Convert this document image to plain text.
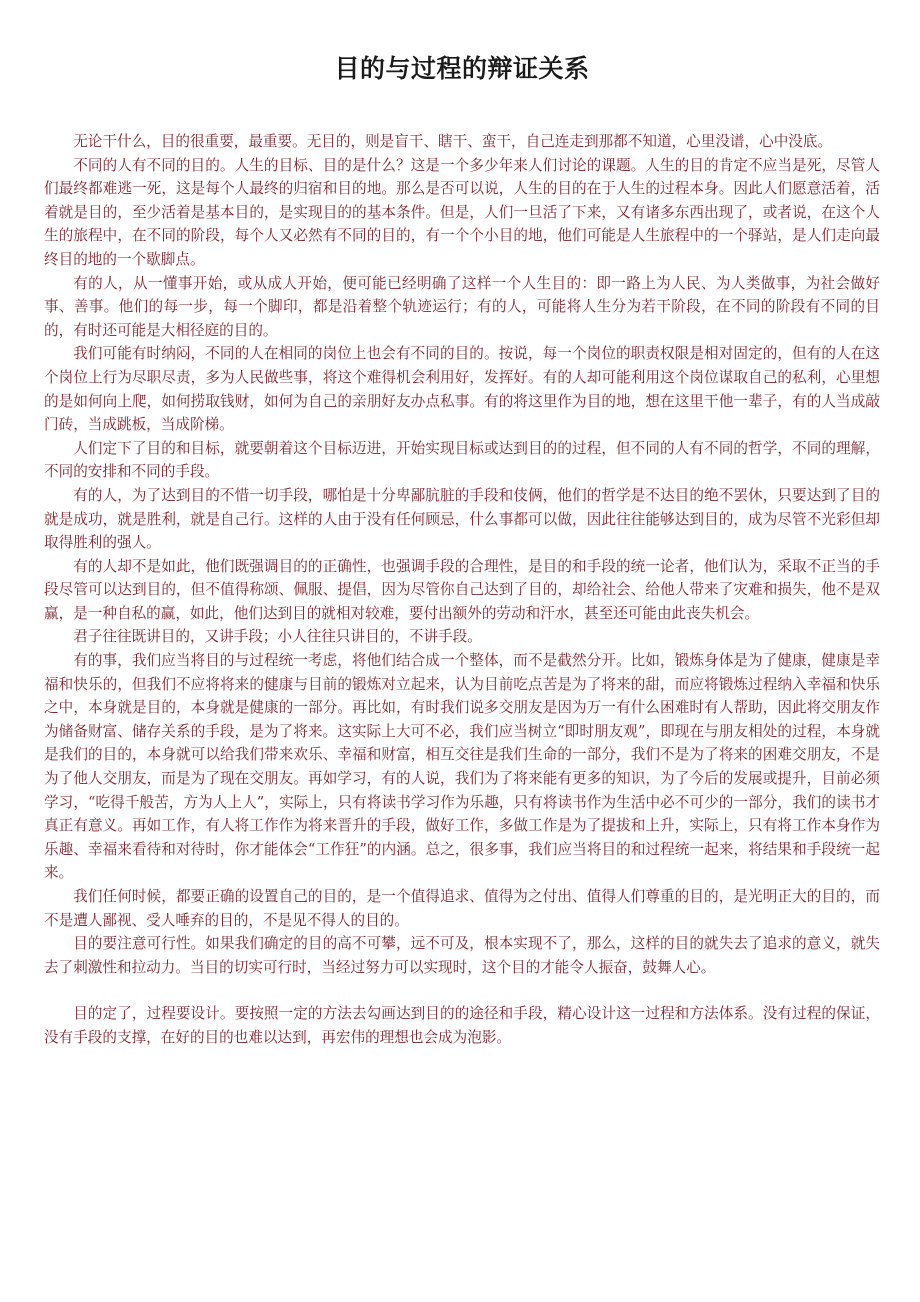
目的与过程的辩证关系

无论干什么，目的很重要，最重要。无目的，则是盲干、瞎干、蛮干，自己连走到那都不知道，心里没谱，心中没底。

不同的人有不同的目的。人生的目标、目的是什么？这是一个多少年来人们讨论的课题。人生的目的肯定不应当是死，尽管人们最终都难逃一死，这是每个人最终的归宿和目的地。那么是否可以说，人生的目的在于人生的过程本身。因此人们愿意活着，活着就是目的，至少活着是基本目的，是实现目的的基本条件。但是，人们一旦活了下来，又有诸多东西出现了，或者说，在这个人生的旅程中，在不同的阶段，每个人又必然有不同的目的，有一个个小目的地，他们可能是人生旅程中的一个驿站，是人们走向最终目的地的一个歇脚点。

有的人，从一懂事开始，或从成人开始，便可能已经明确了这样一个人生目的：即一路上为人民、为人类做事，为社会做好事、善事。他们的每一步，每一个脚印，都是沿着整个轨迹运行；有的人，可能将人生分为若干阶段，在不同的阶段有不同的目的，有时还可能是大相径庭的目的。

我们可能有时纳闷，不同的人在相同的岗位上也会有不同的目的。按说，每一个岗位的职责权限是相对固定的，但有的人在这个岗位上行为尽职尽责，多为人民做些事，将这个难得机会利用好，发挥好。有的人却可能利用这个岗位谋取自己的私利，心里想的是如何向上爬，如何捞取钱财，如何为自己的亲朋好友办点私事。有的将这里作为目的地，想在这里干他一辈子，有的人当成敲门砖，当成跳板，当成阶梯。

人们定下了目的和目标，就要朝着这个目标迈进，开始实现目标或达到目的的过程，但不同的人有不同的哲学，不同的理解，不同的安排和不同的手段。

有的人，为了达到目的不惜一切手段，哪怕是十分卑鄙肮脏的手段和伎俩，他们的哲学是不达目的绝不罢休，只要达到了目的就是成功，就是胜利，就是自己行。这样的人由于没有任何顾忌，什么事都可以做，因此往往能够达到目的，成为尽管不光彩但却取得胜利的强人。

有的人却不是如此，他们既强调目的的正确性，也强调手段的合理性，是目的和手段的统一论者，他们认为，采取不正当的手段尽管可以达到目的，但不值得称颂、佩服、提倡，因为尽管你自己达到了目的，却给社会、给他人带来了灾难和损失，他不是双赢，是一种自私的赢，如此，他们达到目的就相对较难，要付出额外的劳动和汗水，甚至还可能由此丧失机会。

君子往往既讲目的，又讲手段；小人往往只讲目的，不讲手段。

有的事，我们应当将目的与过程统一考虑，将他们结合成一个整体，而不是截然分开。比如，锻炼身体是为了健康，健康是幸福和快乐的，但我们不应将将来的健康与目前的锻炼对立起来，认为目前吃点苦是为了将来的甜，而应将锻炼过程纳入幸福和快乐之中，本身就是目的，本身就是健康的一部分。再比如，有时我们说多交朋友是因为万一有什么困难时有人帮助，因此将交朋友作为储备财富、储存关系的手段，是为了将来。这实际上大可不必，我们应当树立“即时朋友观”，即现在与朋友相处的过程，本身就是我们的目的，本身就可以给我们带来欢乐、幸福和财富，相互交往是我们生命的一部分，我们不是为了将来的困难交朋友，不是为了他人交朋友，而是为了现在交朋友。再如学习，有的人说，我们为了将来能有更多的知识，为了今后的发展或提升，目前必须学习，“吃得千般苦，方为人上人”，实际上，只有将读书学习作为乐趣，只有将读书作为生活中必不可少的一部分，我们的读书才真正有意义。再如工作，有人将工作作为将来晋升的手段，做好工作，多做工作是为了提拔和上升，实际上，只有将工作本身作为乐趣、幸福来看待和对待时，你才能体会“工作狂”的内涵。总之，很多事，我们应当将目的和过程统一起来，将结果和手段统一起来。

我们任何时候，都要正确的设置自己的目的，是一个值得追求、值得为之付出、值得人们尊重的目的，是光明正大的目的，而不是遭人鄙视、受人唾弃的目的，不是见不得人的目的。

目的要注意可行性。如果我们确定的目的高不可攀，远不可及，根本实现不了，那么，这样的目的就失去了追求的意义，就失去了刺激性和拉动力。当目的切实可行时，当经过努力可以实现时，这个目的才能令人振奋，鼓舞人心。

目的定了，过程要设计。要按照一定的方法去勾画达到目的的途径和手段，精心设计这一过程和方法体系。没有过程的保证，没有手段的支撑，在好的目的也难以达到，再宏伟的理想也会成为泡影。
